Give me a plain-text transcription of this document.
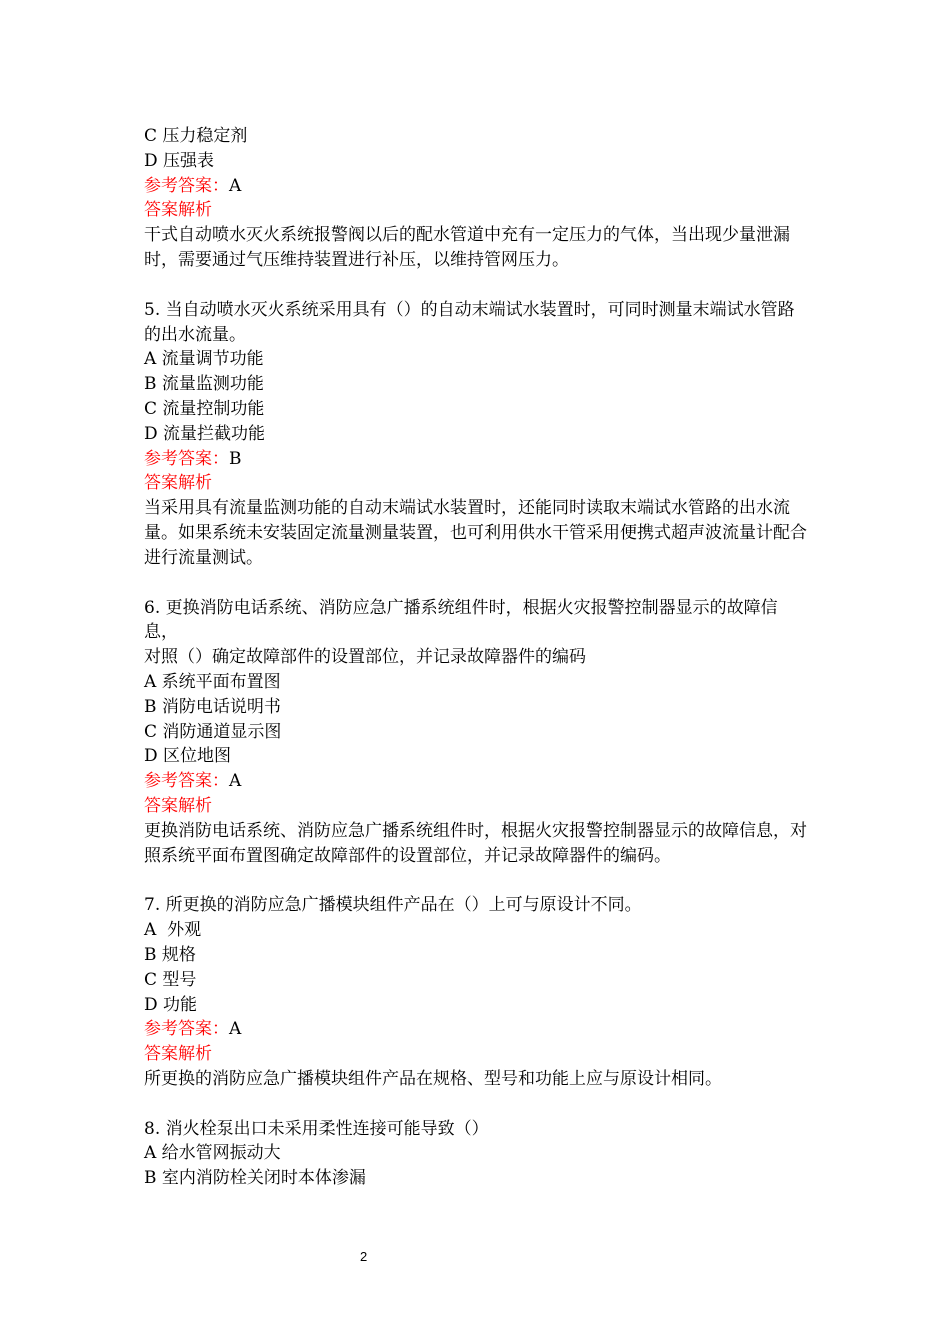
C 压力稳定剂

D 压强表

参考答案：A

答案解析

干式自动喷水灭火系统报警阀以后的配水管道中充有一定压力的气体，当出现少量泄漏时，需要通过气压维持装置进行补压，以维持管网压力。

5. 当自动喷水灭火系统采用具有（）的自动末端试水装置时，可同时测量末端试水管路的出水流量。

A 流量调节功能

B 流量监测功能

C 流量控制功能

D 流量拦截功能

参考答案：B

答案解析

当采用具有流量监测功能的自动末端试水装置时，还能同时读取末端试水管路的出水流量。如果系统未安装固定流量测量装置，也可利用供水干管采用便携式超声波流量计配合进行流量测试。

6. 更换消防电话系统、消防应急广播系统组件时，根据火灾报警控制器显示的故障信息，

对照（）确定故障部件的设置部位，并记录故障器件的编码

A 系统平面布置图

B 消防电话说明书

C 消防通道显示图

D 区位地图

参考答案：A

答案解析

更换消防电话系统、消防应急广播系统组件时，根据火灾报警控制器显示的故障信息，对照系统平面布置图确定故障部件的设置部位，并记录故障器件的编码。

7. 所更换的消防应急广播模块组件产品在（）上可与原设计不同。

A  外观

B 规格

C 型号

D 功能

参考答案：A

答案解析

所更换的消防应急广播模块组件产品在规格、型号和功能上应与原设计相同。

8. 消火栓泵出口未采用柔性连接可能导致（）

A 给水管网振动大

B 室内消防栓关闭时本体渗漏

2
